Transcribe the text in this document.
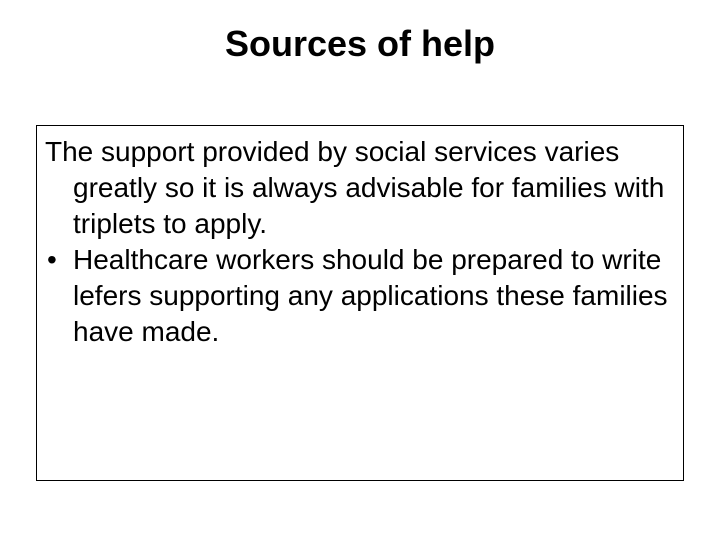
Sources of help

The support provided by social services varies greatly so it is always advisable for families with triplets to apply.

• Healthcare workers should be prepared to write lefers supporting any applications these families have made.
